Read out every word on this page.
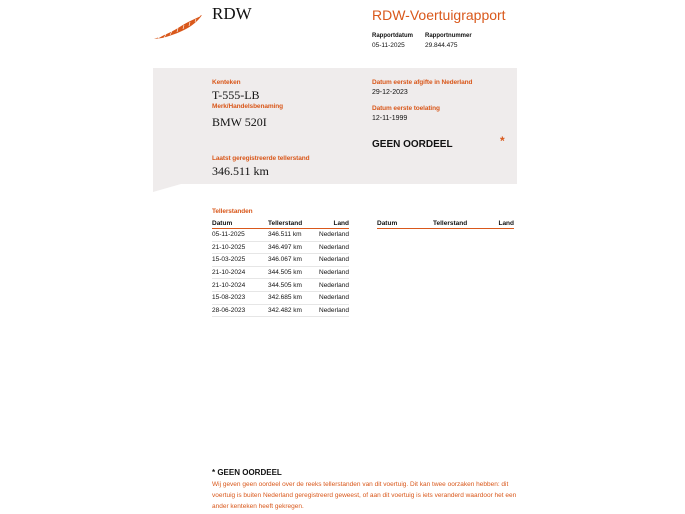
RDW	RDW-Voertuigrapport
Rapportdatum
05-11-2025
Rapportnummer
29.844.475
Kenteken
T-555-LB
Merk/Handelsbenaming
BMW 520I
Datum eerste afgifte in Nederland
29-12-2023
Datum eerste toelating
12-11-1999
GEEN OORDEEL	*
Laatst geregistreerde tellerstand
346.511 km
Tellerstanden
Datum	Tellerstand	Land
05-11-2025	346.511 km	Nederland
21-10-2025	346.497 km	Nederland
15-03-2025	346.067 km	Nederland
21-10-2024	344.505 km	Nederland
21-10-2024	344.505 km	Nederland
15-08-2023	342.685 km	Nederland
28-06-2023	342.482 km	Nederland
Datum	Tellerstand	Land
* GEEN OORDEEL
Wij geven geen oordeel over de reeks tellerstanden van dit voertuig. Dit kan twee oorzaken hebben: dit voertuig is buiten Nederland geregistreerd geweest, of aan dit voertuig is iets veranderd waardoor het een ander kenteken heeft gekregen.
